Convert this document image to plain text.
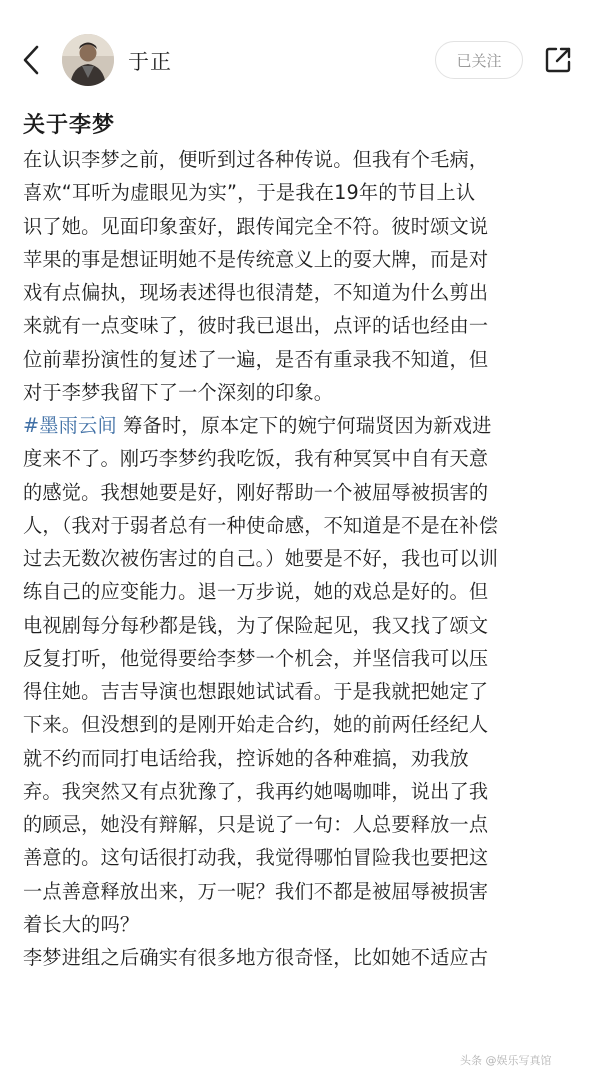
于正	已关注
关于李梦
在认识李梦之前，便听到过各种传说。但我有个毛病，
喜欢“耳听为虚眼见为实”，于是我在19年的节目上认
识了她。见面印象蛮好，跟传闻完全不符。彼时颂文说
苹果的事是想证明她不是传统意义上的耍大牌，而是对
戏有点偏执，现场表述得也很清楚，不知道为什么剪出
来就有一点变味了，彼时我已退出，点评的话也经由一
位前辈扮演性的复述了一遍，是否有重录我不知道，但
对于李梦我留下了一个深刻的印象。
#墨雨云间 筹备时，原本定下的婉宁何瑞贤因为新戏进
度来不了。刚巧李梦约我吃饭，我有种冥冥中自有天意
的感觉。我想她要是好，刚好帮助一个被屈辱被损害的
人，（我对于弱者总有一种使命感，不知道是不是在补偿
过去无数次被伤害过的自己。）她要是不好，我也可以训
练自己的应变能力。退一万步说，她的戏总是好的。但
电视剧每分每秒都是钱，为了保险起见，我又找了颂文
反复打听，他觉得要给李梦一个机会，并坚信我可以压
得住她。吉吉导演也想跟她试试看。于是我就把她定了
下来。但没想到的是刚开始走合约，她的前两任经纪人
就不约而同打电话给我，控诉她的各种难搞，劝我放
弃。我突然又有点犹豫了，我再约她喝咖啡，说出了我
的顾忌，她没有辩解，只是说了一句：人总要释放一点
善意的。这句话很打动我，我觉得哪怕冒险我也要把这
一点善意释放出来，万一呢？我们不都是被屈辱被损害
着长大的吗？
李梦进组之后确实有很多地方很奇怪，比如她不适应古
头条 @娱乐写真馆
